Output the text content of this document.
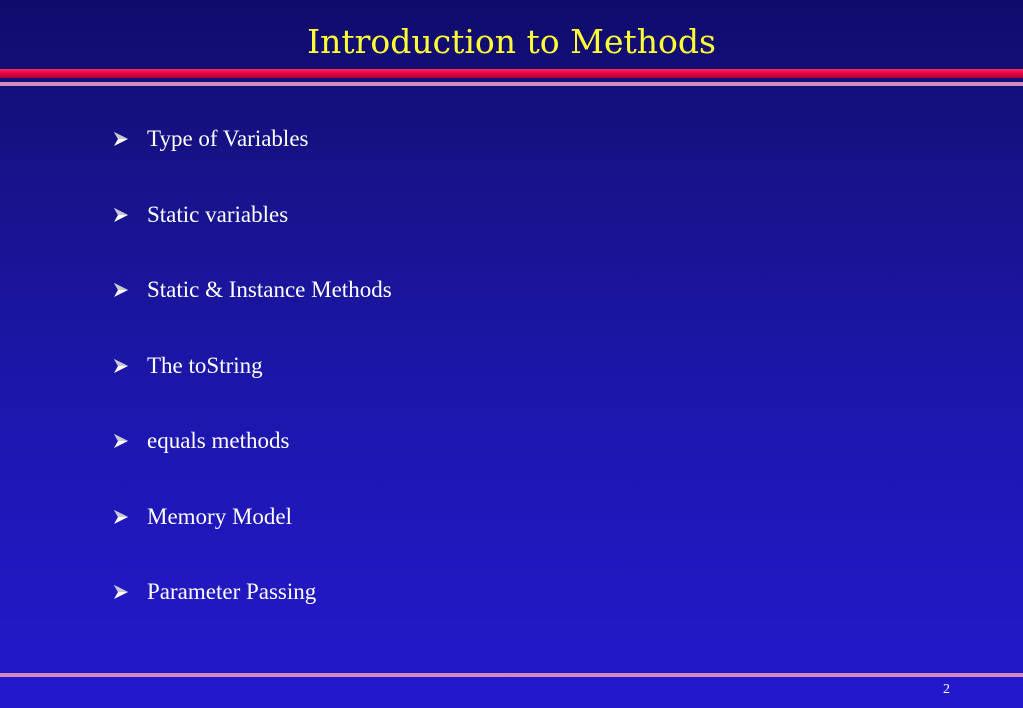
Introduction to Methods
Type of Variables
Static variables
Static & Instance Methods
The toString
equals methods
Memory Model
Parameter Passing
2
